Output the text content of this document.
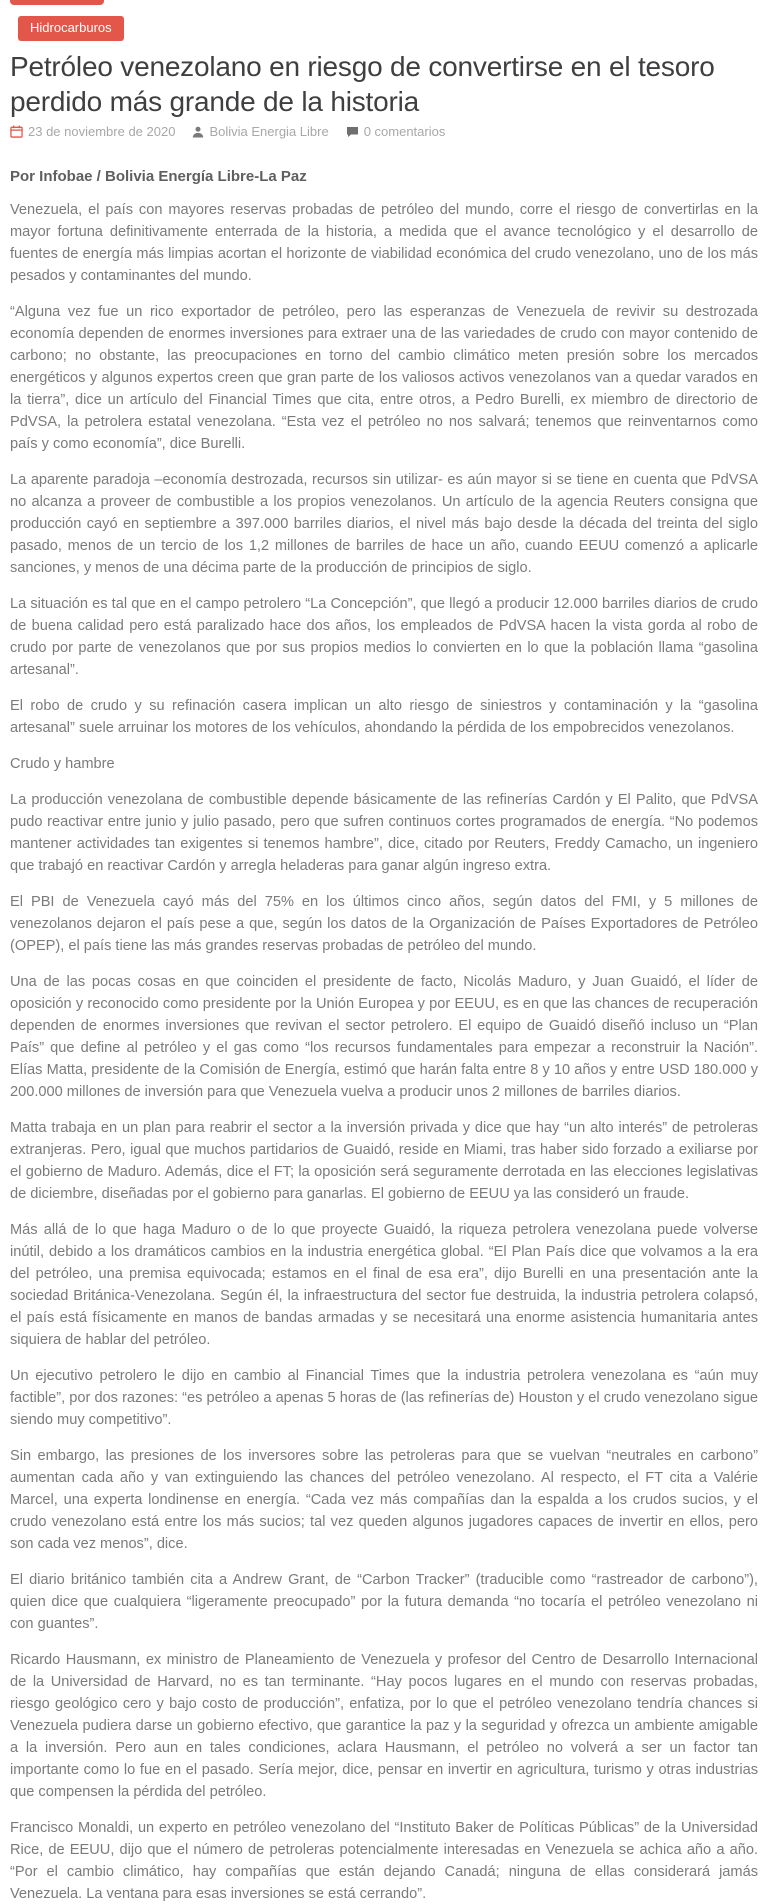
Hidrocarburos
Petróleo venezolano en riesgo de convertirse en el tesoro perdido más grande de la historia
23 de noviembre de 2020	Bolivia Energia Libre	0 comentarios

Por Infobae / Bolivia Energía Libre-La Paz

Venezuela, el país con mayores reservas probadas de petróleo del mundo, corre el riesgo de convertirlas en la mayor fortuna definitivamente enterrada de la historia, a medida que el avance tecnológico y el desarrollo de fuentes de energía más limpias acortan el horizonte de viabilidad económica del crudo venezolano, uno de los más pesados y contaminantes del mundo.

“Alguna vez fue un rico exportador de petróleo, pero las esperanzas de Venezuela de revivir su destrozada economía dependen de enormes inversiones para extraer una de las variedades de crudo con mayor contenido de carbono; no obstante, las preocupaciones en torno del cambio climático meten presión sobre los mercados energéticos y algunos expertos creen que gran parte de los valiosos activos venezolanos van a quedar varados en la tierra”, dice un artículo del Financial Times que cita, entre otros, a Pedro Burelli, ex miembro de directorio de PdVSA, la petrolera estatal venezolana. “Esta vez el petróleo no nos salvará; tenemos que reinventarnos como país y como economía”, dice Burelli.

La aparente paradoja –economía destrozada, recursos sin utilizar- es aún mayor si se tiene en cuenta que PdVSA no alcanza a proveer de combustible a los propios venezolanos. Un artículo de la agencia Reuters consigna que producción cayó en septiembre a 397.000 barriles diarios, el nivel más bajo desde la década del treinta del siglo pasado, menos de un tercio de los 1,2 millones de barriles de hace un año, cuando EEUU comenzó a aplicarle sanciones, y menos de una décima parte de la producción de principios de siglo.

La situación es tal que en el campo petrolero “La Concepción”, que llegó a producir 12.000 barriles diarios de crudo de buena calidad pero está paralizado hace dos años, los empleados de PdVSA hacen la vista gorda al robo de crudo por parte de venezolanos que por sus propios medios lo convierten en lo que la población llama “gasolina artesanal”.

El robo de crudo y su refinación casera implican un alto riesgo de siniestros y contaminación y la “gasolina artesanal” suele arruinar los motores de los vehículos, ahondando la pérdida de los empobrecidos venezolanos.

Crudo y hambre

La producción venezolana de combustible depende básicamente de las refinerías Cardón y El Palito, que PdVSA pudo reactivar entre junio y julio pasado, pero que sufren continuos cortes programados de energía. “No podemos mantener actividades tan exigentes si tenemos hambre”, dice, citado por Reuters, Freddy Camacho, un ingeniero que trabajó en reactivar Cardón y arregla heladeras para ganar algún ingreso extra.

El PBI de Venezuela cayó más del 75% en los últimos cinco años, según datos del FMI, y 5 millones de venezolanos dejaron el país pese a que, según los datos de la Organización de Países Exportadores de Petróleo (OPEP), el país tiene las más grandes reservas probadas de petróleo del mundo.

Una de las pocas cosas en que coinciden el presidente de facto, Nicolás Maduro, y Juan Guaidó, el líder de oposición y reconocido como presidente por la Unión Europea y por EEUU, es en que las chances de recuperación dependen de enormes inversiones que revivan el sector petrolero. El equipo de Guaidó diseñó incluso un “Plan País” que define al petróleo y el gas como “los recursos fundamentales para empezar a reconstruir la Nación”. Elías Matta, presidente de la Comisión de Energía, estimó que harán falta entre 8 y 10 años y entre USD 180.000 y 200.000 millones de inversión para que Venezuela vuelva a producir unos 2 millones de barriles diarios.

Matta trabaja en un plan para reabrir el sector a la inversión privada y dice que hay “un alto interés” de petroleras extranjeras. Pero, igual que muchos partidarios de Guaidó, reside en Miami, tras haber sido forzado a exiliarse por el gobierno de Maduro. Además, dice el FT; la oposición será seguramente derrotada en las elecciones legislativas de diciembre, diseñadas por el gobierno para ganarlas. El gobierno de EEUU ya las consideró un fraude.

Más allá de lo que haga Maduro o de lo que proyecte Guaidó, la riqueza petrolera venezolana puede volverse inútil, debido a los dramáticos cambios en la industria energética global. “El Plan País dice que volvamos a la era del petróleo, una premisa equivocada; estamos en el final de esa era”, dijo Burelli en una presentación ante la sociedad Británica-Venezolana. Según él, la infraestructura del sector fue destruida, la industria petrolera colapsó, el país está físicamente en manos de bandas armadas y se necesitará una enorme asistencia humanitaria antes siquiera de hablar del petróleo.

Un ejecutivo petrolero le dijo en cambio al Financial Times que la industria petrolera venezolana es “aún muy factible”, por dos razones: “es petróleo a apenas 5 horas de (las refinerías de) Houston y el crudo venezolano sigue siendo muy competitivo”.

Sin embargo, las presiones de los inversores sobre las petroleras para que se vuelvan “neutrales en carbono” aumentan cada año y van extinguiendo las chances del petróleo venezolano. Al respecto, el FT cita a Valérie Marcel, una experta londinense en energía. “Cada vez más compañías dan la espalda a los crudos sucios, y el crudo venezolano está entre los más sucios; tal vez queden algunos jugadores capaces de invertir en ellos, pero son cada vez menos”, dice.

El diario británico también cita a Andrew Grant, de “Carbon Tracker” (traducible como “rastreador de carbono”), quien dice que cualquiera “ligeramente preocupado” por la futura demanda “no tocaría el petróleo venezolano ni con guantes”.

Ricardo Hausmann, ex ministro de Planeamiento de Venezuela y profesor del Centro de Desarrollo Internacional de la Universidad de Harvard, no es tan terminante. “Hay pocos lugares en el mundo con reservas probadas, riesgo geológico cero y bajo costo de producción”, enfatiza, por lo que el petróleo venezolano tendría chances si Venezuela pudiera darse un gobierno efectivo, que garantice la paz y la seguridad y ofrezca un ambiente amigable a la inversión. Pero aun en tales condiciones, aclara Hausmann, el petróleo no volverá a ser un factor tan importante como lo fue en el pasado. Sería mejor, dice, pensar en invertir en agricultura, turismo y otras industrias que compensen la pérdida del petróleo.

Francisco Monaldi, un experto en petróleo venezolano del “Instituto Baker de Políticas Públicas” de la Universidad Rice, de EEUU, dijo que el número de petroleras potencialmente interesadas en Venezuela se achica año a año. “Por el cambio climático, hay compañías que están dejando Canadá; ninguna de ellas considerará jamás Venezuela. La ventana para esas inversiones se está cerrando”.
